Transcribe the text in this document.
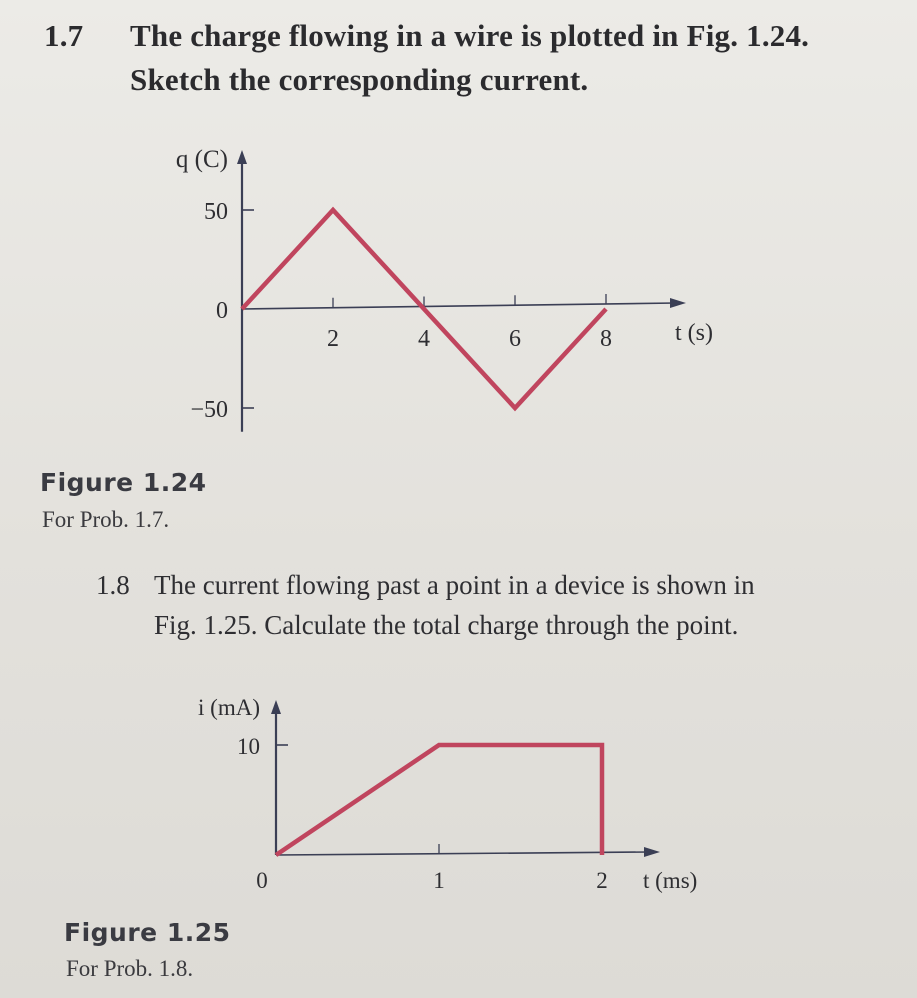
1.7 The charge flowing in a wire is plotted in Fig. 1.24.
Sketch the corresponding current.
50
0
−50
2	4	6	8
q (C)
t (s)
Figure 1.24
For Prob. 1.7.
1.8 The current flowing past a point in a device is shown in
Fig. 1.25. Calculate the total charge through the point.
10
0	1	2
i (mA)
t (ms)
Figure 1.25
For Prob. 1.8.
